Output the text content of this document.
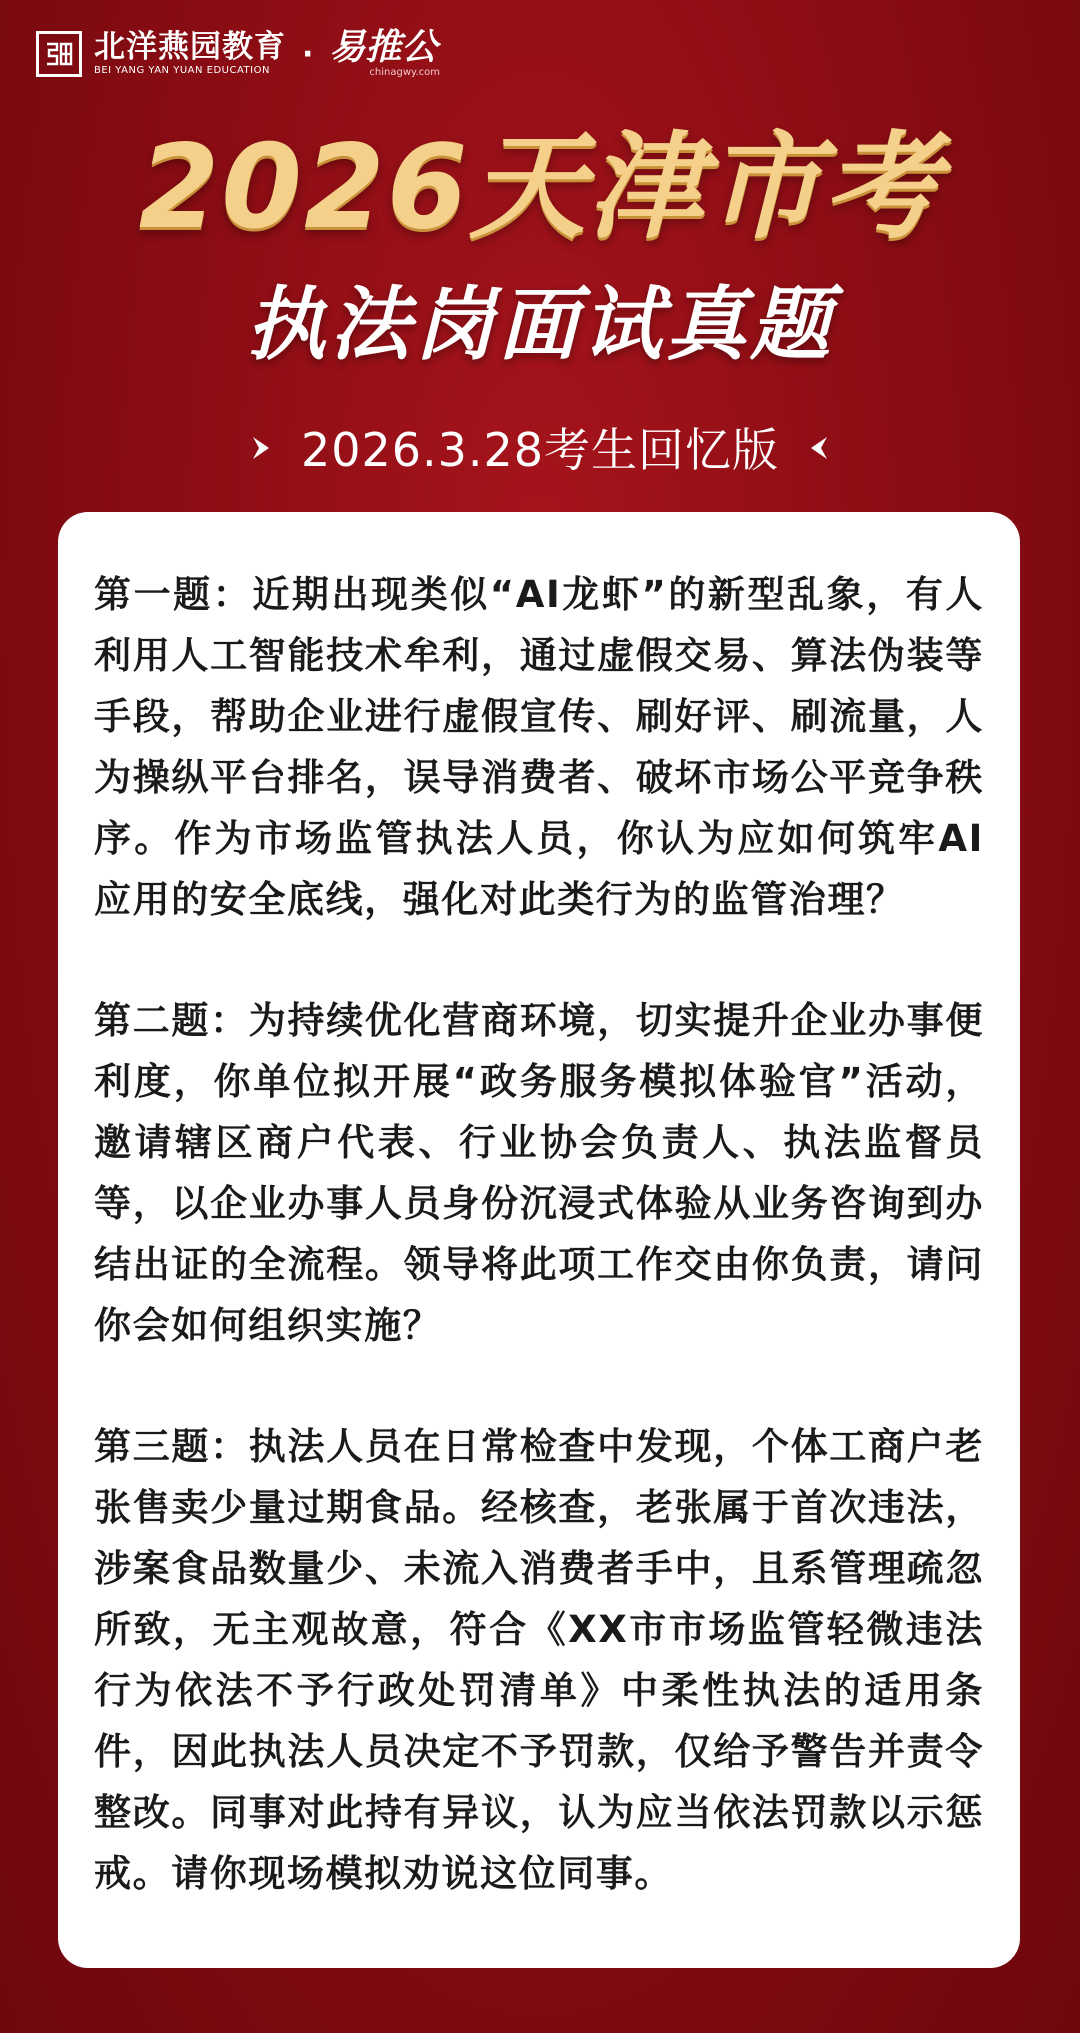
北洋燕园教育
BEI YANG YAN YUAN EDUCATION	· 易推公
chinagwy.com
2026天津市考
执法岗面试真题
2026.3.28考生回忆版

第一题：近期出现类似“AI龙虾”的新型乱象，有人利用人工智能技术牟利，通过虚假交易、算法伪装等手段，帮助企业进行虚假宣传、刷好评、刷流量，人为操纵平台排名，误导消费者、破坏市场公平竞争秩序。作为市场监管执法人员，你认为应如何筑牢AI应用的安全底线，强化对此类行为的监管治理？

第二题：为持续优化营商环境，切实提升企业办事便利度，你单位拟开展“政务服务模拟体验官”活动，邀请辖区商户代表、行业协会负责人、执法监督员等，以企业办事人员身份沉浸式体验从业务咨询到办结出证的全流程。领导将此项工作交由你负责，请问你会如何组织实施？

第三题：执法人员在日常检查中发现，个体工商户老张售卖少量过期食品。经核查，老张属于首次违法，涉案食品数量少、未流入消费者手中，且系管理疏忽所致，无主观故意，符合《XX市市场监管轻微违法行为依法不予行政处罚清单》中柔性执法的适用条件，因此执法人员决定不予罚款，仅给予警告并责令整改。同事对此持有异议，认为应当依法罚款以示惩戒。请你现场模拟劝说这位同事。
